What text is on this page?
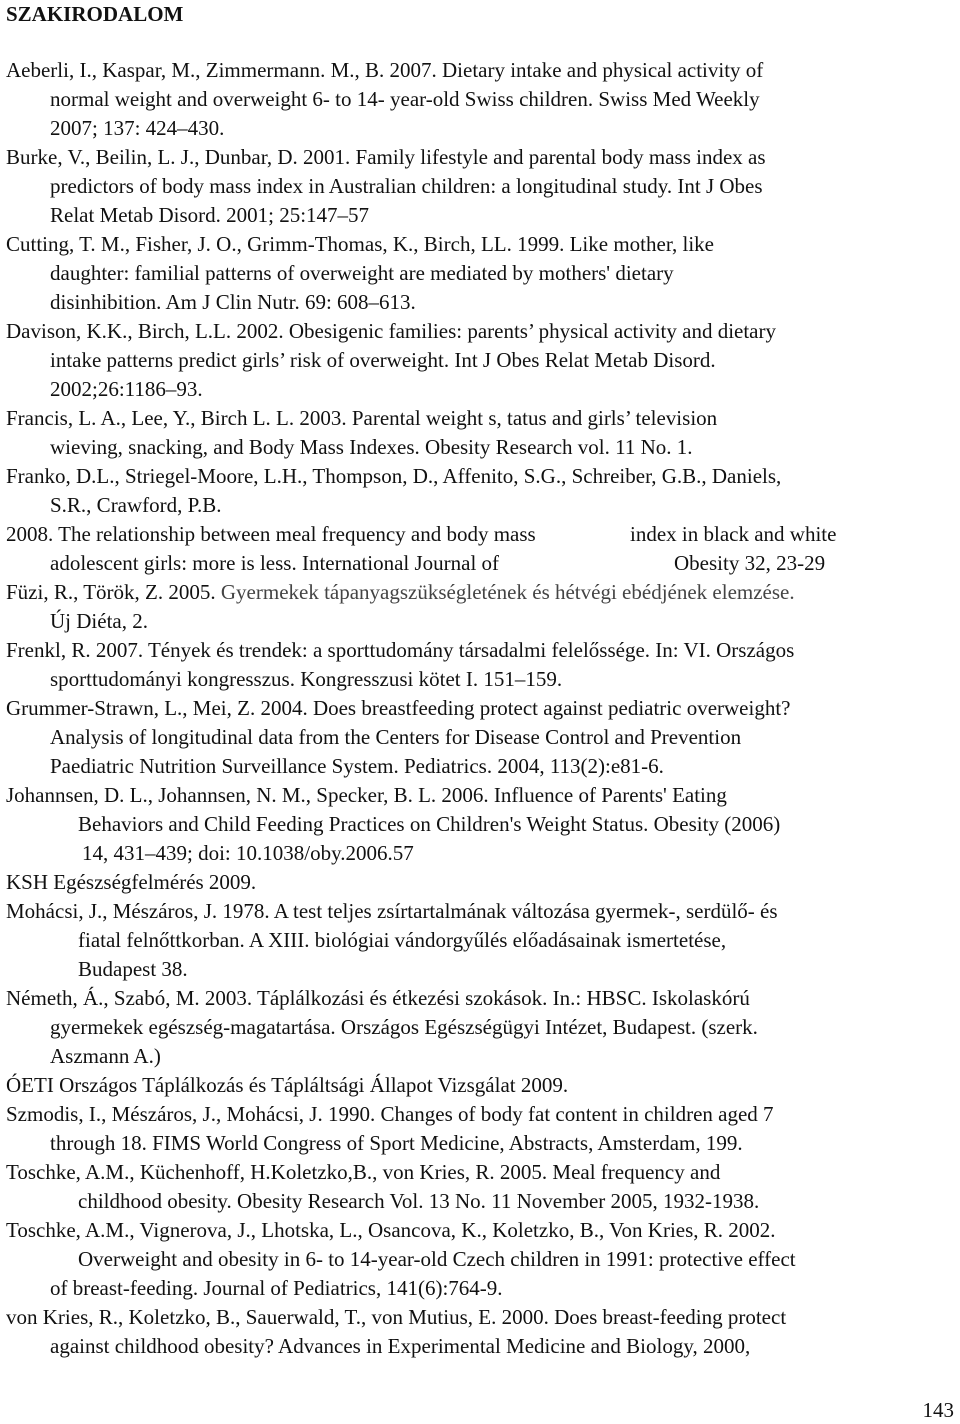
SZAKIRODALOM
Aeberli, I., Kaspar, M., Zimmermann. M., B. 2007. Dietary intake and physical activity of
normal weight and overweight 6- to 14- year-old Swiss children. Swiss Med Weekly
2007; 137: 424–430.
Burke, V., Beilin, L. J., Dunbar, D. 2001. Family lifestyle and parental body mass index as
predictors of body mass index in Australian children: a longitudinal study. Int J Obes
Relat Metab Disord. 2001; 25:147–57
Cutting, T. M., Fisher, J. O., Grimm-Thomas, K., Birch, LL. 1999. Like mother, like
daughter: familial patterns of overweight are mediated by mothers' dietary
disinhibition. Am J Clin Nutr. 69: 608–613.
Davison, K.K., Birch, L.L. 2002. Obesigenic families: parents’ physical activity and dietary
intake patterns predict girls’ risk of overweight. Int J Obes Relat Metab Disord.
2002;26:1186–93.
Francis, L. A., Lee, Y., Birch L. L. 2003. Parental weight s, tatus and girls’ television
wieving, snacking, and Body Mass Indexes. Obesity Research vol. 11 No. 1.
Franko, D.L., Striegel-Moore, L.H., Thompson, D., Affenito, S.G., Schreiber, G.B., Daniels,
S.R., Crawford, P.B.
2008. The relationship between meal frequency and body mass	index in black and white
adolescent girls: more is less. International Journal of	Obesity 32, 23-29
Füzi, R., Török, Z. 2005. Gyermekek tápanyagszükségletének és hétvégi ebédjének elemzése.
Új Diéta, 2.
Frenkl, R. 2007. Tények és trendek: a sporttudomány társadalmi felelőssége. In: VI. Országos
sporttudományi kongresszus. Kongresszusi kötet I. 151–159.
Grummer-Strawn, L., Mei, Z. 2004. Does breastfeeding protect against pediatric overweight?
Analysis of longitudinal data from the Centers for Disease Control and Prevention
Paediatric Nutrition Surveillance System. Pediatrics. 2004, 113(2):e81-6.
Johannsen, D. L., Johannsen, N. M., Specker, B. L. 2006. Influence of Parents' Eating
Behaviors and Child Feeding Practices on Children's Weight Status. Obesity (2006)
14, 431–439; doi: 10.1038/oby.2006.57
KSH Egészségfelmérés 2009.
Mohácsi, J., Mészáros, J. 1978. A test teljes zsírtartalmának változása gyermek-, serdülő- és
fiatal felnőttkorban. A XIII. biológiai vándorgyűlés előadásainak ismertetése,
Budapest 38.
Németh, Á., Szabó, M. 2003. Táplálkozási és étkezési szokások. In.: HBSC. Iskolaskórú
gyermekek egészség-magatartása. Országos Egészségügyi Intézet, Budapest. (szerk.
Aszmann A.)
ÓETI Országos Táplálkozás és Tápláltsági Állapot Vizsgálat 2009.
Szmodis, I., Mészáros, J., Mohácsi, J. 1990. Changes of body fat content in children aged 7
through 18. FIMS World Congress of Sport Medicine, Abstracts, Amsterdam, 199.
Toschke, A.M., Küchenhoff, H.Koletzko,B., von Kries, R. 2005. Meal frequency and
childhood obesity. Obesity Research Vol. 13 No. 11 November 2005, 1932-1938.
Toschke, A.M., Vignerova, J., Lhotska, L., Osancova, K., Koletzko, B., Von Kries, R. 2002.
Overweight and obesity in 6- to 14-year-old Czech children in 1991: protective effect
of breast-feeding. Journal of Pediatrics, 141(6):764-9.
von Kries, R., Koletzko, B., Sauerwald, T., von Mutius, E. 2000. Does breast-feeding protect
against childhood obesity? Advances in Experimental Medicine and Biology, 2000,
143
